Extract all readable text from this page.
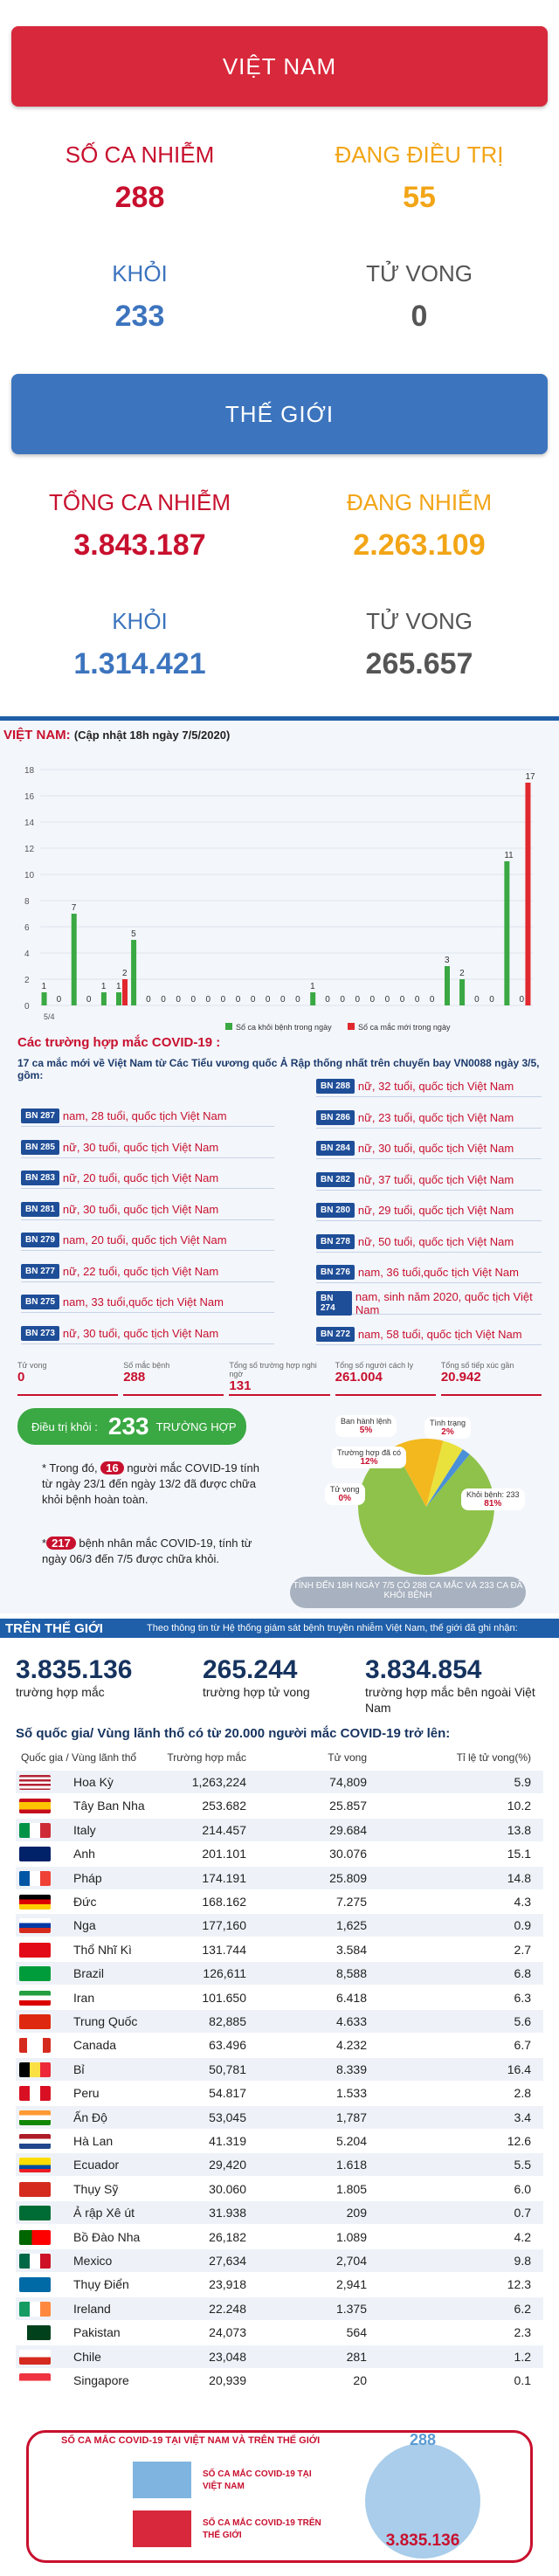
VIỆT NAM
SỐ CA NHIỄM
288
ĐANG ĐIỀU TRỊ
55
KHỎI
233
TỬ VONG
0
THẾ GIỚI
TỔNG CA NHIỄM
3.843.187
ĐANG NHIỄM
2.263.109
KHỎI
1.314.421
TỬ VONG
265.657
VIỆT NAM: (Cập nhật 18h ngày 7/5/2020)
0
2
4
6
8
10
12
14
16
18
1
0
7
0
1 1
5
0 0 0 0 0 0 0 0 0 0 0
1
0 0 0 0 0 0 0 0
3
2
0 0
11
0
2
17
5/4
Số ca khỏi bệnh trong ngày	Số ca mắc mới trong ngày
Các trường hợp mắc COVID-19 :
17 ca mắc mới về Việt Nam từ Các Tiểu vương quốc Ả Rập thống nhất trên chuyến bay VN0088 ngày 3/5, gồm:
Tử vong
0
Số mắc bệnh
288
Tổng số trường hợp nghi ngờ
131
Tổng số người cách ly
261.004
Tổng số tiếp xúc gần
20.942
Điều trị khỏi : 233 TRƯỜNG HỢP
* Trong đó, 16 người mắc COVID-19 tính từ ngày 23/1 đến ngày 13/2 đã được chữa khỏi bệnh hoàn toàn.
* 217 bệnh nhân mắc COVID-19, tính từ ngày 06/3 đến 7/5 được chữa khỏi.
TÍNH ĐẾN 18H NGÀY 7/5 CÓ 288 CA MẮC VÀ 233 CA ĐÃ KHỎI BỆNH
TRÊN THẾ GIỚI	Theo thông tin từ Hệ thống giám sát bệnh truyền nhiễm Việt Nam, thế giới đã ghi nhận:
3.835.136
trường hợp mắc
265.244
trường hợp tử vong
3.834.854
trường hợp mắc bên ngoài Việt Nam
Số quốc gia/ Vùng lãnh thổ có từ 20.000 người mắc COVID-19 trở lên:
Quốc gia / Vùng lãnh thổ	Trường hợp mắc	Tử vong	Tỉ lệ tử vong(%)
SỐ CA MẮC COVID-19 TẠI VIỆT NAM VÀ TRÊN THẾ GIỚI
SỐ CA MẮC COVID-19 TẠI VIỆT NAM
SỐ CA MẮC COVID-19 TRÊN THẾ GIỚI
288
3.835.136
BN 287 nam, 28 tuổi, quốc tịch Việt Nam
BN 285 nữ, 30 tuổi, quốc tịch Việt Nam
BN 283 nữ, 20 tuổi, quốc tịch Việt Nam
BN 281 nữ, 30 tuổi, quốc tịch Việt Nam
BN 279 nam, 20 tuổi, quốc tịch Việt Nam
BN 277 nữ, 22 tuổi, quốc tịch Việt Nam
BN 275 nam, 33 tuổi,quốc tịch Việt Nam
BN 273 nữ, 30 tuổi, quốc tịch Việt Nam
BN 288 nữ, 32 tuổi, quốc tịch Việt Nam
BN 286 nữ, 23 tuổi, quốc tịch Việt Nam
BN 284 nữ, 30 tuổi, quốc tịch Việt Nam
BN 282 nữ, 37 tuổi, quốc tịch Việt Nam
BN 280 nữ, 29 tuổi, quốc tịch Việt Nam
BN 278 nữ, 50 tuổi, quốc tịch Việt Nam
BN 276 nam, 36 tuổi,quốc tịch Việt Nam
BN 274
nam, sinh năm 2020, quốc tịch Việt Nam
BN 272 nam, 58 tuổi, quốc tịch Việt Nam
Khỏi bệnh: 233
81%
Trường hợp đã có
12%
Ban hành lệnh
5%
Tình trạng
2%
Tử vong
0%
Hoa Kỳ	1,263,224	74,809	5.9
Tây Ban Nha	253.682	25.857	10.2
Italy	214.457	29.684	13.8
Anh	201.101	30.076	15.1
Pháp	174.191	25.809	14.8
Đức	168.162	7.275	4.3
Nga	177,160	1,625	0.9
Thổ Nhĩ Kì	131.744	3.584	2.7
Brazil	126,611	8,588	6.8
Iran	101.650	6.418	6.3
Trung Quốc	82,885	4.633	5.6
Canada	63.496	4.232	6.7
Bỉ	50,781	8.339	16.4
Peru	54.817	1.533	2.8
Ấn Độ	53,045	1,787	3.4
Hà Lan	41.319	5.204	12.6
Ecuador	29,420	1.618	5.5
Thụy Sỹ	30.060	1.805	6.0
Ả rập Xê út	31.938	209	0.7
Bồ Đào Nha	26,182	1.089	4.2
Mexico	27,634	2,704	9.8
Thụy Điển	23,918	2,941	12.3
Ireland	22.248	1.375	6.2
Pakistan	24,073	564	2.3
Chile	23,048	281	1.2
Singapore	20,939	20	0.1
